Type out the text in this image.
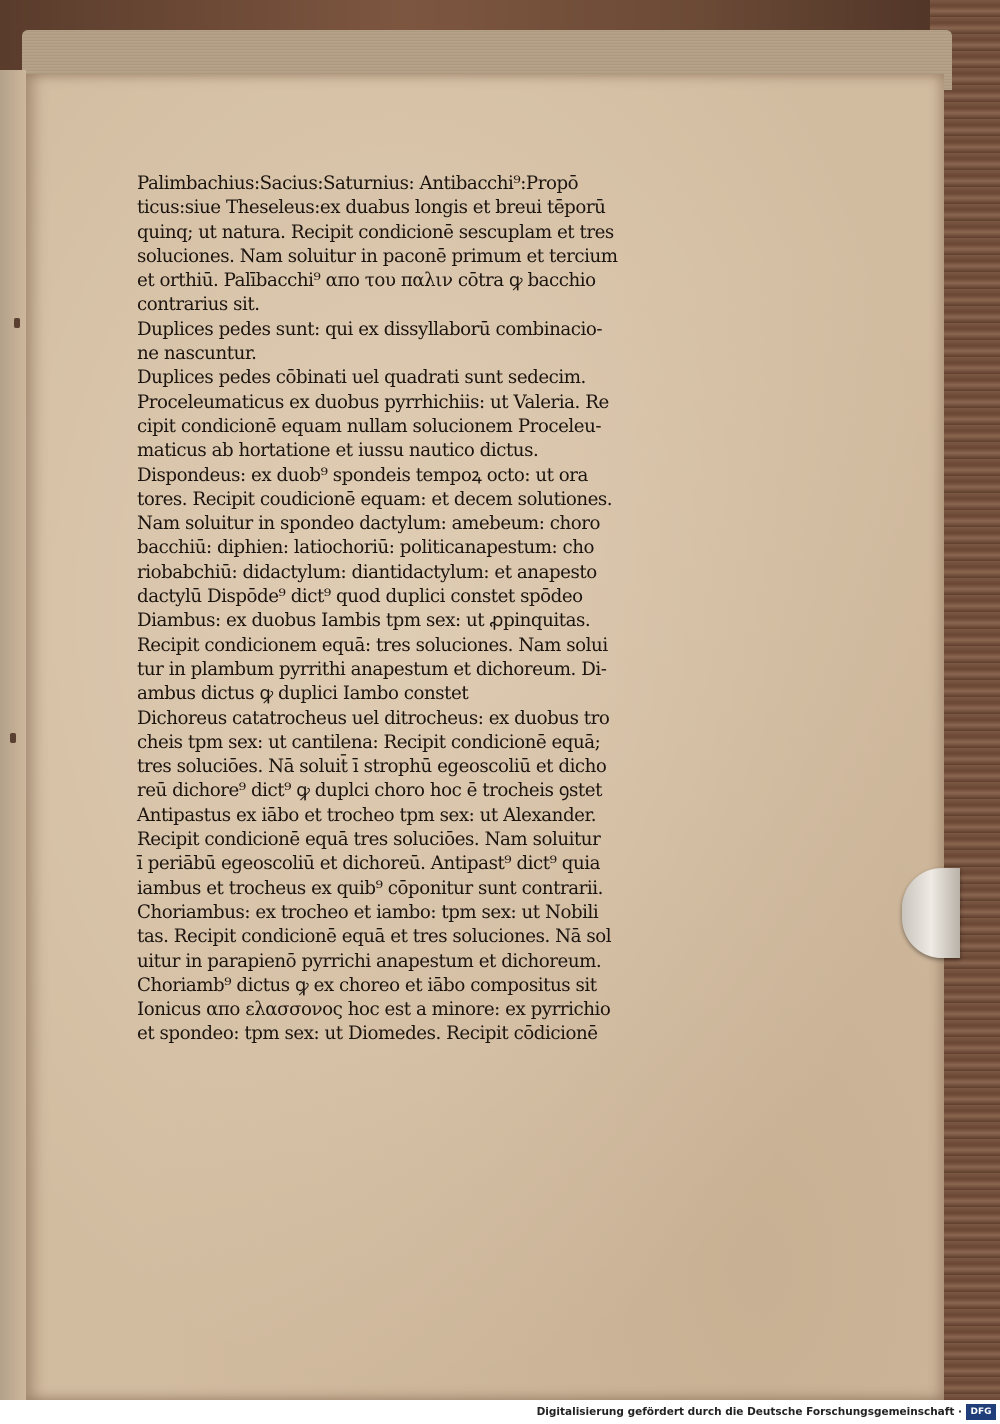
Palimbachius:Sacius:Saturnius: Antibacchi⁹:Propō
ticus:siue Theseleus:ex duabus longis et breui tēporū
quinq; ut natura. Recipit condicionē sescuplam et tres
soluciones. Nam soluitur in paconē primum et tercium
et orthiū. Palībacchi⁹ απο του παλιν cōtra ꝙ bacchio
contrarius sit.
Duplices pedes sunt: qui ex dissyllaborū combinacio-
ne nascuntur.
Duplices pedes cōbinati uel quadrati sunt sedecim.
Proceleumaticus ex duobus pyrrhichiis: ut Valeria. Re
cipit condicionē equam nullam solucionem Proceleu-
maticus ab hortatione et iussu nautico dictus.
Dispondeus: ex duob⁹ spondeis tempoꝝ octo: ut ora
tores. Recipit coudicionē equam: et decem solutiones.
Nam soluitur in spondeo dactylum: amebeum: choro
bacchiū: diphien: latiochoriū: politicanapestum: cho
riobabchiū: didactylum: diantidactylum: et anapesto
dactylū Dispōde⁹ dict⁹ quod duplici constet spōdeo
Diambus: ex duobus Iambis tpm sex: ut ꝓpinquitas.
Recipit condicionem equā: tres soluciones. Nam solui
tur in plambum pyrrithi anapestum et dichoreum. Di-
ambus dictus ꝙ duplici Iambo constet
Dichoreus catatrocheus uel ditrocheus: ex duobus tro
cheis tpm sex: ut cantilena: Recipit condicionē equā;
tres soluciōes. Nā soluit̄ ī strophū egeoscoliū et dicho
reū dichore⁹ dict⁹ ꝙ duplci choro hoc ē trocheis ꝯstet
Antipastus ex iābo et trocheo tpm sex: ut Alexander.
Recipit condicionē equā tres soluciōes. Nam soluitur
ī periābū egeoscoliū et dichoreū. Antipast⁹ dict⁹ quia
iambus et trocheus ex quib⁹ cōponitur sunt contrarii.
Choriambus: ex trocheo et iambo: tpm sex: ut Nobili
tas. Recipit condicionē equā et tres soluciones. Nā sol
uitur in parapienō pyrrichi anapestum et dichoreum.
Choriamb⁹ dictus ꝙ ex choreo et iābo compositus sit
Ionicus απο ελασσονος hoc est a minore: ex pyrrichio
et spondeo: tpm sex: ut Diomedes. Recipit cōdicionē
Digitalisierung gefördert durch die Deutsche Forschungsgemeinschaft · DFG
